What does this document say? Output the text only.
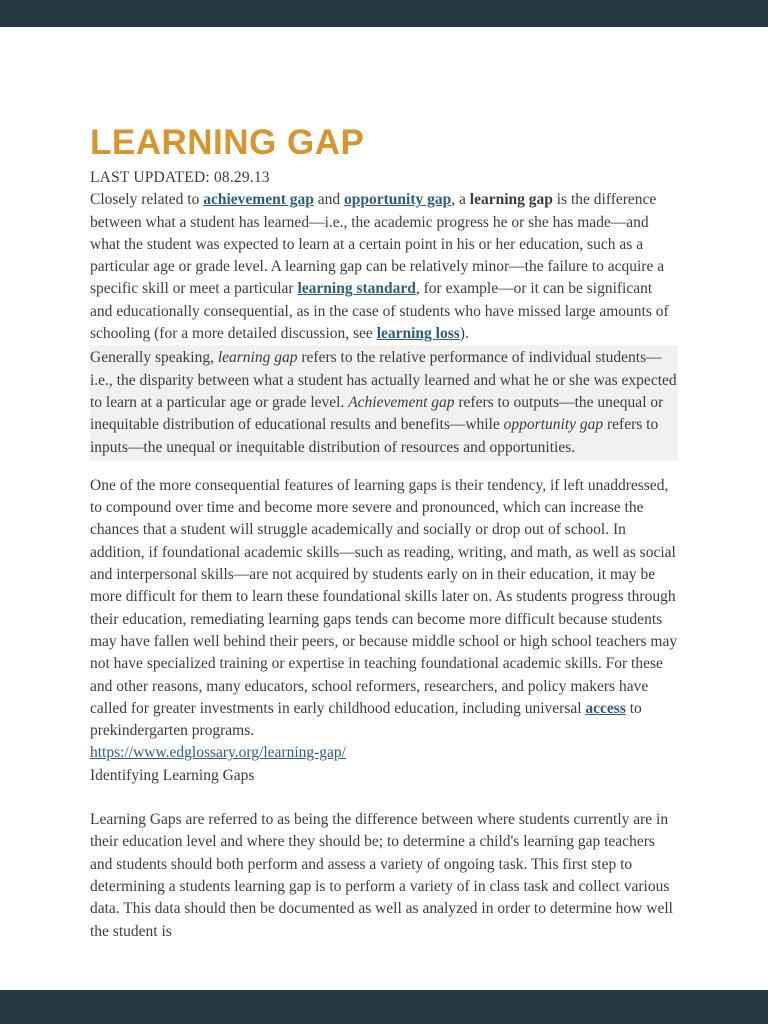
LEARNING GAP
LAST UPDATED: 08.29.13

Closely related to achievement gap and opportunity gap, a learning gap is the difference between what a student has learned—i.e., the academic progress he or she has made—and what the student was expected to learn at a certain point in his or her education, such as a particular age or grade level. A learning gap can be relatively minor—the failure to acquire a specific skill or meet a particular learning standard, for example—or it can be significant and educationally consequential, as in the case of students who have missed large amounts of schooling (for a more detailed discussion, see learning loss).

Generally speaking, learning gap refers to the relative performance of individual students—i.e., the disparity between what a student has actually learned and what he or she was expected to learn at a particular age or grade level. Achievement gap refers to outputs—the unequal or inequitable distribution of educational results and benefits—while opportunity gap refers to inputs—the unequal or inequitable distribution of resources and opportunities.

One of the more consequential features of learning gaps is their tendency, if left unaddressed, to compound over time and become more severe and pronounced, which can increase the chances that a student will struggle academically and socially or drop out of school. In addition, if foundational academic skills—such as reading, writing, and math, as well as social and interpersonal skills—are not acquired by students early on in their education, it may be more difficult for them to learn these foundational skills later on. As students progress through their education, remediating learning gaps tends can become more difficult because students may have fallen well behind their peers, or because middle school or high school teachers may not have specialized training or expertise in teaching foundational academic skills. For these and other reasons, many educators, school reformers, researchers, and policy makers have called for greater investments in early childhood education, including universal access to prekindergarten programs.

https://www.edglossary.org/learning-gap/

Identifying Learning Gaps

Learning Gaps are referred to as being the difference between where students currently are in their education level and where they should be; to determine a child's learning gap teachers and students should both perform and assess a variety of ongoing task. This first step to determining a students learning gap is to perform a variety of in class task and collect various data. This data should then be documented as well as analyzed in order to determine how well the student is
